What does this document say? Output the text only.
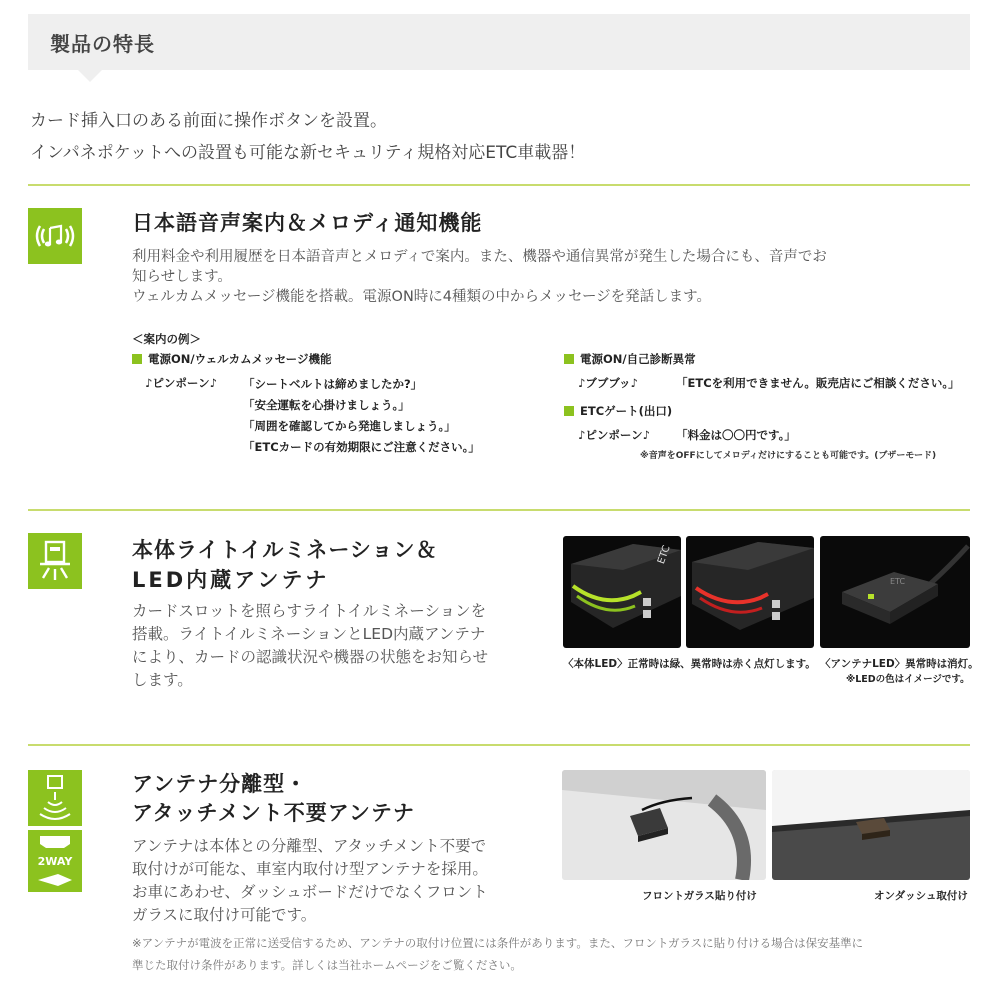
製品の特長
カード挿入口のある前面に操作ボタンを設置。
インパネポケットへの設置も可能な新セキュリティ規格対応ETC車載器！
日本語音声案内＆メロディ通知機能
利用料金や利用履歴を日本語音声とメロディで案内。また、機器や通信異常が発生した場合にも、音声でお
知らせします。
ウェルカムメッセージ機能を搭載。電源ON時に4種類の中からメッセージを発話します。
＜案内の例＞
電源ON/ウェルカムメッセージ機能
♪ピンポーン♪ 「シートベルトは締めましたか?」
「安全運転を心掛けましょう。」
「周囲を確認してから発進しましょう。」
「ETCカードの有効期限にご注意ください。」
電源ON/自己診断異常
♪ブブブッ♪	「ETCを利用できません。販売店にご相談ください。」
ETCゲート(出口)
♪ピンポーン♪ 「料金は〇〇円です。」
※音声をOFFにしてメロディだけにすることも可能です。(ブザーモード)
本体ライトイルミネーション＆
LED内蔵アンテナ
カードスロットを照らすライトイルミネーションを
搭載。ライトイルミネーションとLED内蔵アンテナ
により、カードの認識状況や機器の状態をお知らせ
します。
ETC
ETC
〈本体LED〉正常時は緑、異常時は赤く点灯します。 〈アンテナLED〉異常時は消灯。
※LEDの色はイメージです。
2WAY
アンテナ分離型・
アタッチメント不要アンテナ
アンテナは本体との分離型、アタッチメント不要で
取付けが可能な、車室内取付け型アンテナを採用。
お車にあわせ、ダッシュボードだけでなくフロント
ガラスに取付け可能です。
フロントガラス貼り付け	オンダッシュ取付け
※アンテナが電波を正常に送受信するため、アンテナの取付け位置には条件があります。また、フロントガラスに貼り付ける場合は保安基準に
準じた取付け条件があります。詳しくは当社ホームページをご覧ください。
